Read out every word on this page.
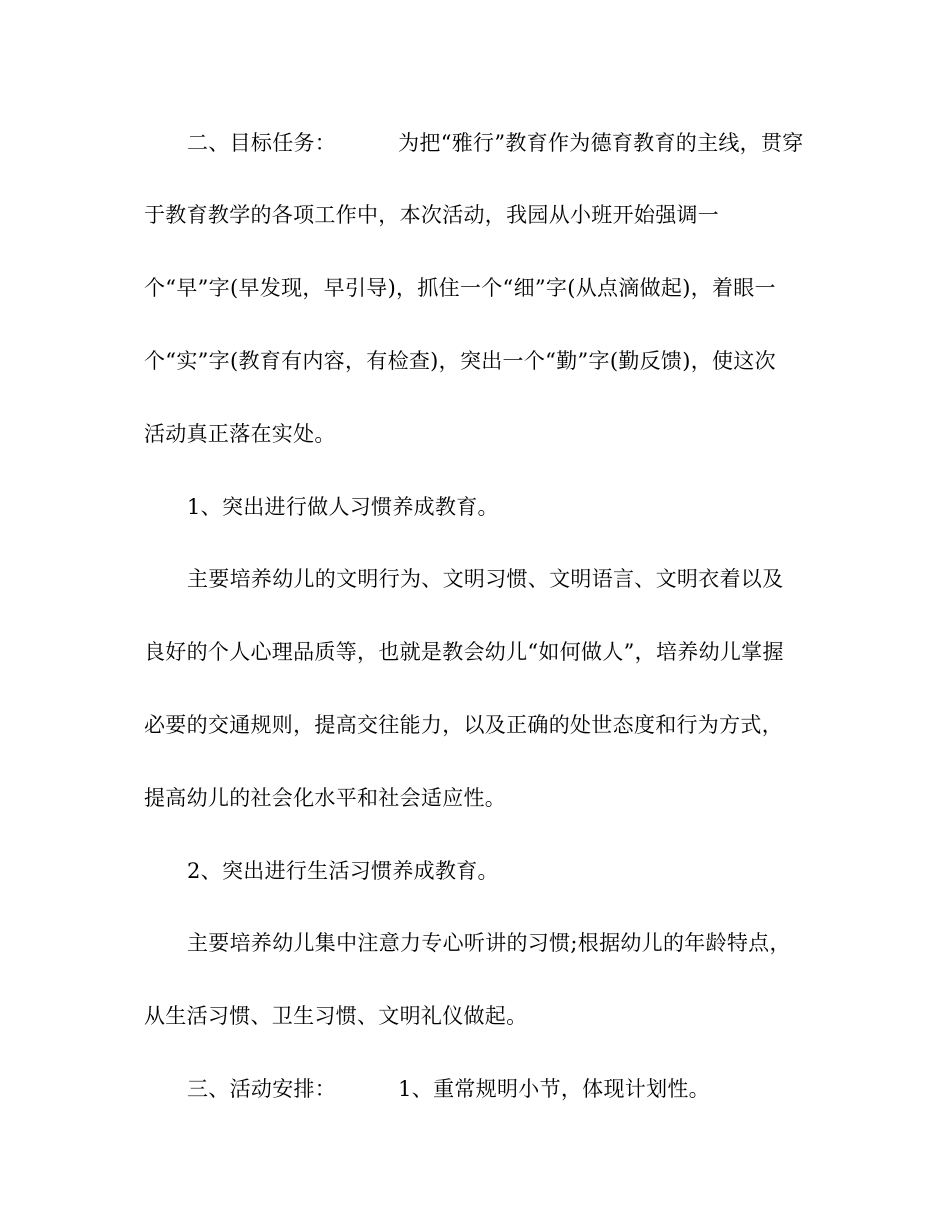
二、目标任务：	为把“雅行”教育作为德育教育的主线，贯穿
于教育教学的各项工作中，本次活动，我园从小班开始强调一
个“早”字(早发现，早引导)，抓住一个“细”字(从点滴做起)，着眼一
个“实”字(教育有内容，有检查)，突出一个“勤”字(勤反馈)，使这次
活动真正落在实处。
1、突出进行做人习惯养成教育。
主要培养幼儿的文明行为、文明习惯、文明语言、文明衣着以及
良好的个人心理品质等，也就是教会幼儿“如何做人”，培养幼儿掌握
必要的交通规则，提高交往能力，以及正确的处世态度和行为方式，
提高幼儿的社会化水平和社会适应性。
2、突出进行生活习惯养成教育。
主要培养幼儿集中注意力专心听讲的习惯;根据幼儿的年龄特点，
从生活习惯、卫生习惯、文明礼仪做起。
三、活动安排：	1、重常规明小节，体现计划性。
